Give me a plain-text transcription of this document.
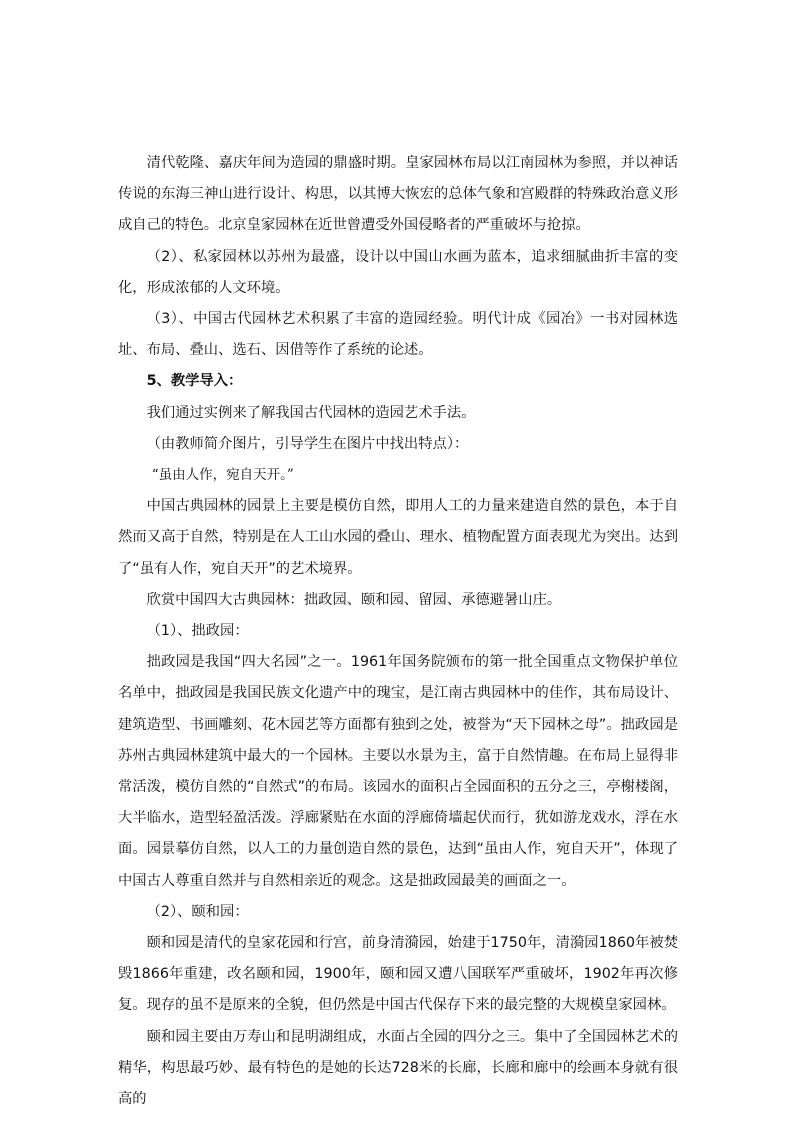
清代乾隆、嘉庆年间为造园的鼎盛时期。皇家园林布局以江南园林为参照，并以神话传说的东海三神山进行设计、构思，以其博大恢宏的总体气象和宫殿群的特殊政治意义形成自己的特色。北京皇家园林在近世曾遭受外国侵略者的严重破坏与抢掠。

（2）、私家园林以苏州为最盛，设计以中国山水画为蓝本，追求细腻曲折丰富的变化，形成浓郁的人文环境。

（3）、中国古代园林艺术积累了丰富的造园经验。明代计成《园冶》一书对园林选址、布局、叠山、选石、因借等作了系统的论述。

5、教学导入：

我们通过实例来了解我国古代园林的造园艺术手法。

（由教师简介图片，引导学生在图片中找出特点）：

“虽由人作，宛自天开。”

中国古典园林的园景上主要是模仿自然，即用人工的力量来建造自然的景色，本于自然而又高于自然，特别是在人工山水园的叠山、理水、植物配置方面表现尤为突出。达到了“虽有人作，宛自天开”的艺术境界。

欣赏中国四大古典园林：拙政园、颐和园、留园、承德避暑山庄。

（1）、拙政园：

拙政园是我国“四大名园”之一。1961年国务院颁布的第一批全国重点文物保护单位名单中，拙政园是我国民族文化遗产中的瑰宝，是江南古典园林中的佳作，其布局设计、建筑造型、书画雕刻、花木园艺等方面都有独到之处，被誉为“天下园林之母”。拙政园是苏州古典园林建筑中最大的一个园林。主要以水景为主，富于自然情趣。在布局上显得非常活泼，模仿自然的“自然式”的布局。该园水的面积占全园面积的五分之三，亭榭楼阁，大半临水，造型轻盈活泼。浮廊紧贴在水面的浮廊倚墙起伏而行，犹如游龙戏水，浮在水面。园景摹仿自然，以人工的力量创造自然的景色，达到“虽由人作，宛自天开”，体现了中国古人尊重自然并与自然相亲近的观念。这是拙政园最美的画面之一。

（2）、颐和园：

颐和园是清代的皇家花园和行宫，前身清漪园，始建于1750年，清漪园1860年被焚毁1866年重建，改名颐和园，1900年，颐和园又遭八国联军严重破坏，1902年再次修复。现存的虽不是原来的全貌，但仍然是中国古代保存下来的最完整的大规模皇家园林。

颐和园主要由万寿山和昆明湖组成，水面占全园的四分之三。集中了全国园林艺术的精华，构思最巧妙、最有特色的是她的长达728米的长廊，长廊和廊中的绘画本身就有很高的
